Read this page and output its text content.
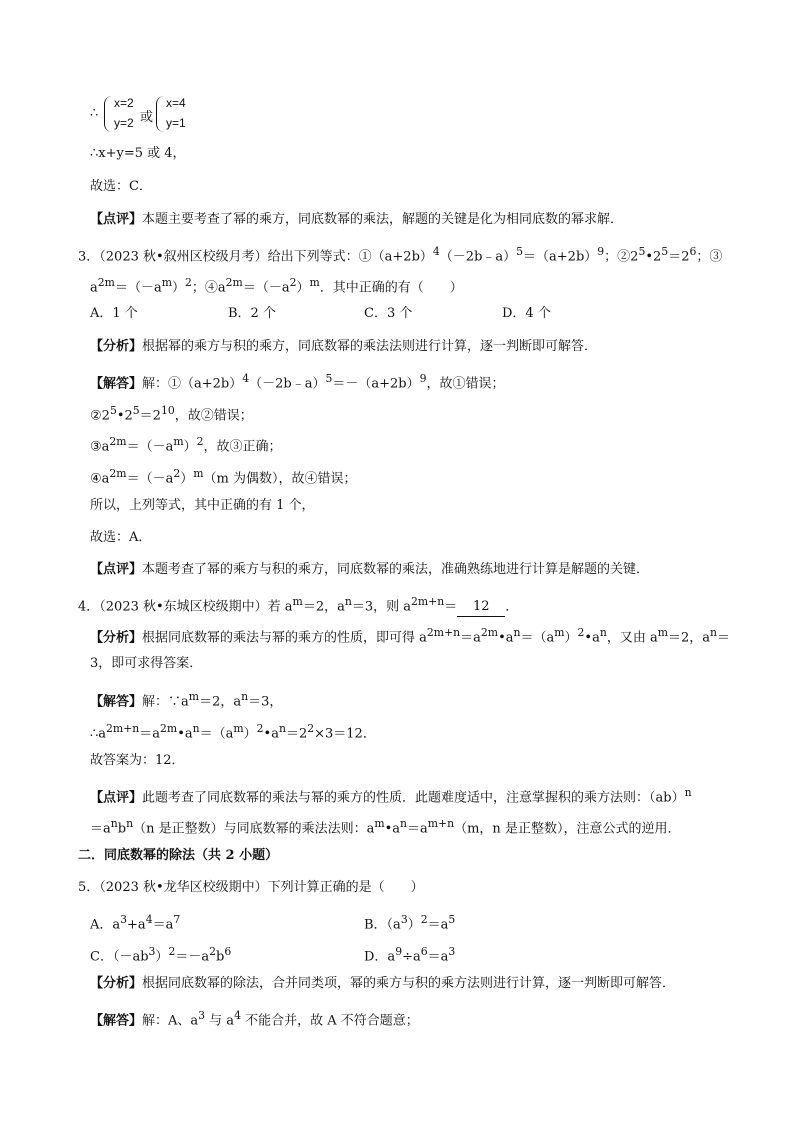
∴
x=2
y=2 或
x=4
y=1
∴x+y=5 或 4，
故选：C．
【点评】本题主要考查了幂的乘方，同底数幂的乘法，解题的关键是化为相同底数的幂求解．
3．（2023 秋•叙州区校级月考）给出下列等式：$①(a+2b)^4(-2b﹣a)^5=(a+2b)^9$；$②2^5•2^5=2^6$；③
$a^{2m}=(-a^m)^2$；$④a^{2m}=(-a^2)^m$．其中正确的有（　　）
A．1 个	B．2 个	C．3 个	D．4 个
【分析】根据幂的乘方与积的乘方，同底数幂的乘法法则进行计算，逐一判断即可解答．
【解答】解：$①(a+2b)^4(-2b﹣a)^5=-(a+2b)^9$，故①错误；
$②2^5•2^5=2^{10}$，故②错误；
$③a^{2m}=(-a^m)^2$，故③正确；
$④a^{2m}=(-a^2)^m(m$ 为偶数），故④错误；
所以，上列等式，其中正确的有 1 个，
故选：A．
【点评】本题考查了幂的乘方与积的乘方，同底数幂的乘法，准确熟练地进行计算是解题的关键．
4．（2023 秋•东城区校级期中）若 $a^m=2$，$a^n=3$，则 $a^{2m+n}= 12$ ．
【分析】根据同底数幂的乘法与幂的乘方的性质，即可得 $a^{2m+n}=a^{2m}•a^n=(a^m)^2•a^n$，又由 $a^m=2$，$a^n=$
3，即可求得答案．
【解答】解：$\because a^m=2$，$a^n=3$，
$\therefore a^{2m+n}=a^{2m}•a^n=(a^m)^2•a^n=2^2\times 3=12$．
故答案为：12．
【点评】此题考查了同底数幂的乘法与幂的乘方的性质．此题难度适中，注意掌握积的乘方法则：（ab）$^n$
$=a^nb^n(n$ 是正整数）与同底数幂的乘法法则：$a^m•a^n=a^{m+n}(m$，n 是正整数），注意公式的逆用．
二．同底数幂的除法（共 2 小题）
5．（2023 秋•龙华区校级期中）下列计算正确的是（　　）
A．$a^3+a^4=a^7$	B．$(a^3)^2=a^5$
C．$(-ab^3)^2=-a^2b^6$	D．$a^9\div a^6=a^3$
【分析】根据同底数幂的除法，合并同类项，幂的乘方与积的乘方法则进行计算，逐一判断即可解答．
【解答】解：A、$a^3$ 与 $a^4$ 不能合并，故 A 不符合题意；
